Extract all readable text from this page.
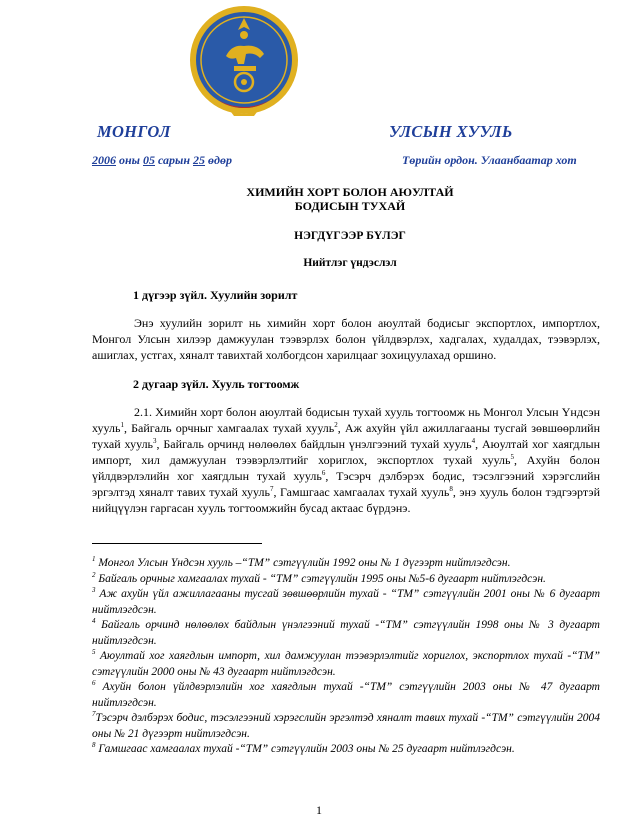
МОНГОЛ	УЛСЫН ХУУЛЬ
2006 оны 05 сарын 25 өдөр	Төрийн ордон. Улаанбаатар хот
ХИМИЙН ХОРТ БОЛОН АЮУЛТАЙ
БОДИСЫН ТУХАЙ
НЭГДҮГЭЭР БҮЛЭГ
Нийтлэг үндэслэл
1 дүгээр зүйл. Хуулийн зорилт
Энэ хуулийн зорилт нь химийн хорт болон аюултай бодисыг экспортлох, импортлох, Монгол Улсын хилээр дамжуулан тээвэрлэх болон үйлдвэрлэх, хадгалах, худалдах, тээвэрлэх, ашиглах, устгах, хяналт тавихтай холбогдсон харилцааг зохицуулахад оршино.
2 дугаар зүйл. Хууль тогтоомж
2.1. Химийн хорт болон аюултай бодисын тухай хууль тогтоомж нь Монгол Улсын Үндсэн хууль$^1$, Байгаль орчныг хамгаалах тухай хууль$^2$, Аж ахуйн үйл ажиллагааны тусгай зөвшөөрлийн тухай хууль$^3$, Байгаль орчинд нөлөөлөх байдлын үнэлгээний тухай хууль$^4$, Аюултай хог хаягдлын импорт, хил дамжуулан тээвэрлэлтийг хориглох, экспортлох тухай хууль$^5$, Ахуйн болон үйлдвэрлэлийн хог хаягдлын тухай хууль$^6$, Тэсэрч дэлбэрэх бодис, тэсэлгээний хэрэгслийн эргэлтэд хяналт тавих тухай хууль$^7$, Гамшгаас хамгаалах тухай хууль$^8$, энэ хууль болон тэдгээртэй нийцүүлэн гаргасан хууль тогтоомжийн бусад актаас бүрдэнэ.
$^1$ Монгол Улсын Үндсэн хууль –“ТМ” сэтгүүлийн 1992 оны № 1 дүгээрт нийтлэгдсэн.
$^2$ Байгаль орчныг хамгаалах тухай - “ТМ” сэтгүүлийн 1995 оны №5-6 дугаарт нийтлэгдсэн.
$^3$ Аж ахуйн үйл ажиллагааны тусгай зөвшөөрлийн тухай - “ТМ” сэтгүүлийн 2001 оны № 6 дугаарт нийтлэгдсэн.
$^4$ Байгаль орчинд нөлөөлөх байдлын үнэлгээний тухай -“ТМ” сэтгүүлийн 1998 оны № 3 дугаарт нийтлэгдсэн.
$^5$ Аюултай хог хаягдлын импорт, хил дамжуулан тээвэрлэлтийг хориглох, экспортлох тухай -“ТМ” сэтгүүлийн 2000 оны № 43 дугаарт нийтлэгдсэн.
$^6$ Ахуйн болон үйлдвэрлэлийн хог хаягдлын тухай -“ТМ” сэтгүүлийн 2003 оны № 47 дугаарт нийтлэгдсэн.
$^7$Тэсэрч дэлбэрэх бодис, тэсэлгээний хэрэгслийн эргэлтэд хяналт тавих тухай -“ТМ” сэтгүүлийн 2004 оны № 21 дүгээрт нийтлэгдсэн.
$^8$ Гамшгаас хамгаалах тухай -“ТМ” сэтгүүлийн 2003 оны № 25 дугаарт нийтлэгдсэн.
1
